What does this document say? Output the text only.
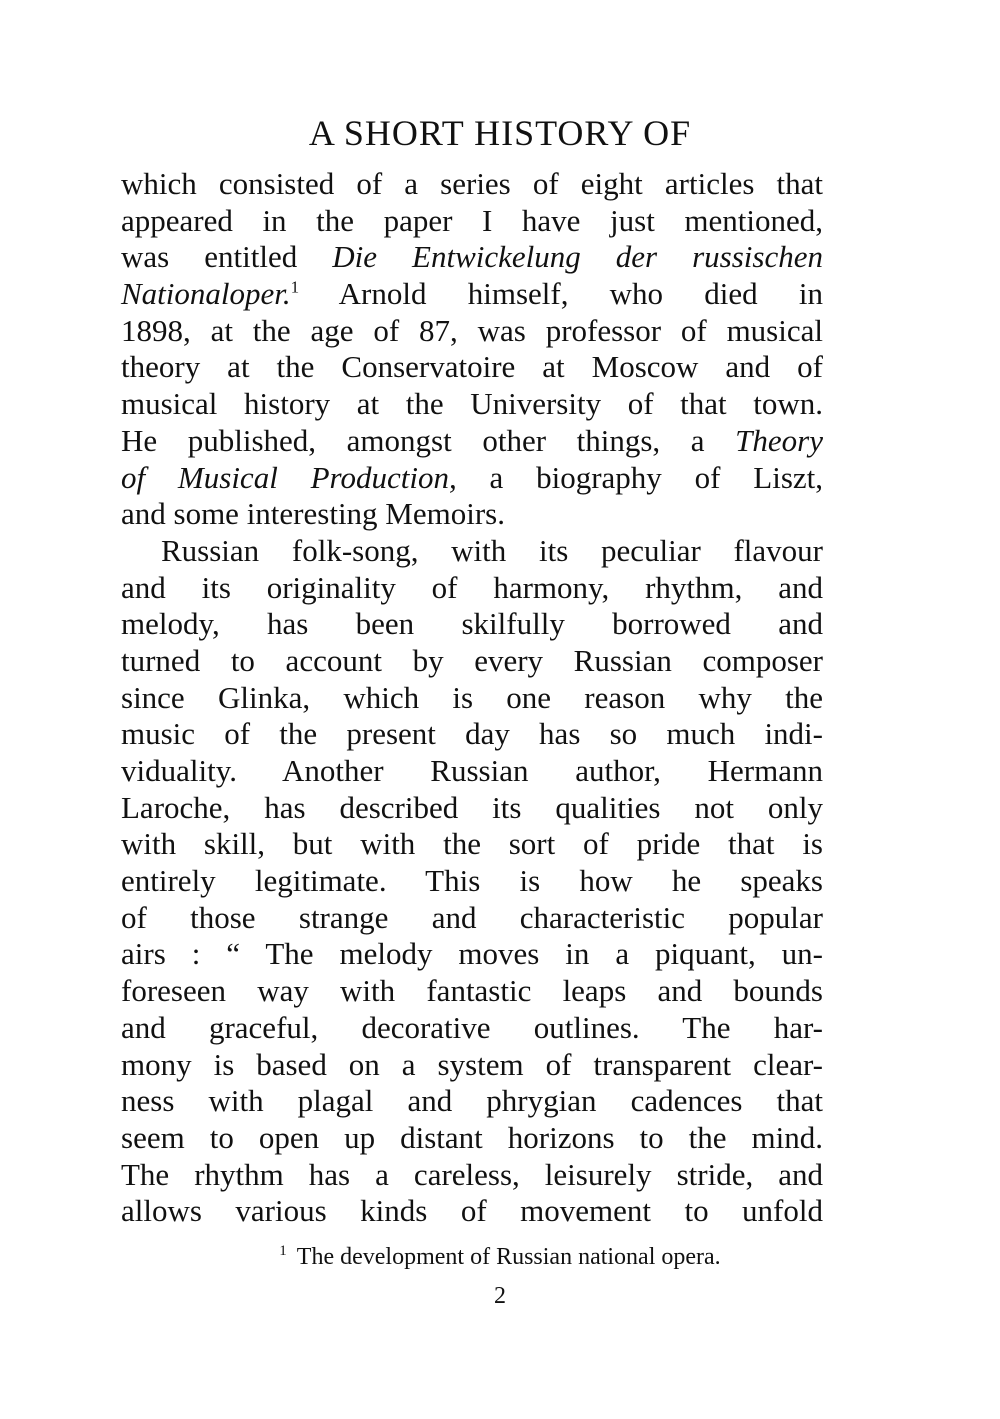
A SHORT HISTORY OF
which consisted of a series of eight articles that
appeared in the paper I have just mentioned,
was entitled Die Entwickelung der russischen
Nationaloper.$^1$ Arnold himself, who died in
1898, at the age of 87, was professor of musical
theory at the Conservatoire at Moscow and of
musical history at the University of that town.
He published, amongst other things, a Theory
of Musical Production, a biography of Liszt,
and some interesting Memoirs.
Russian folk-song, with its peculiar flavour
and its originality of harmony, rhythm, and
melody, has been skilfully borrowed and
turned to account by every Russian composer
since Glinka, which is one reason why the
music of the present day has so much indi-
viduality. Another Russian author, Hermann
Laroche, has described its qualities not only
with skill, but with the sort of pride that is
entirely legitimate. This is how he speaks
of those strange and characteristic popular
airs : “ The melody moves in a piquant, un-
foreseen way with fantastic leaps and bounds
and graceful, decorative outlines. The har-
mony is based on a system of transparent clear-
ness with plagal and phrygian cadences that
seem to open up distant horizons to the mind.
The rhythm has a careless, leisurely stride, and
allows various kinds of movement to unfold
$^1$ The development of Russian national opera.
2
